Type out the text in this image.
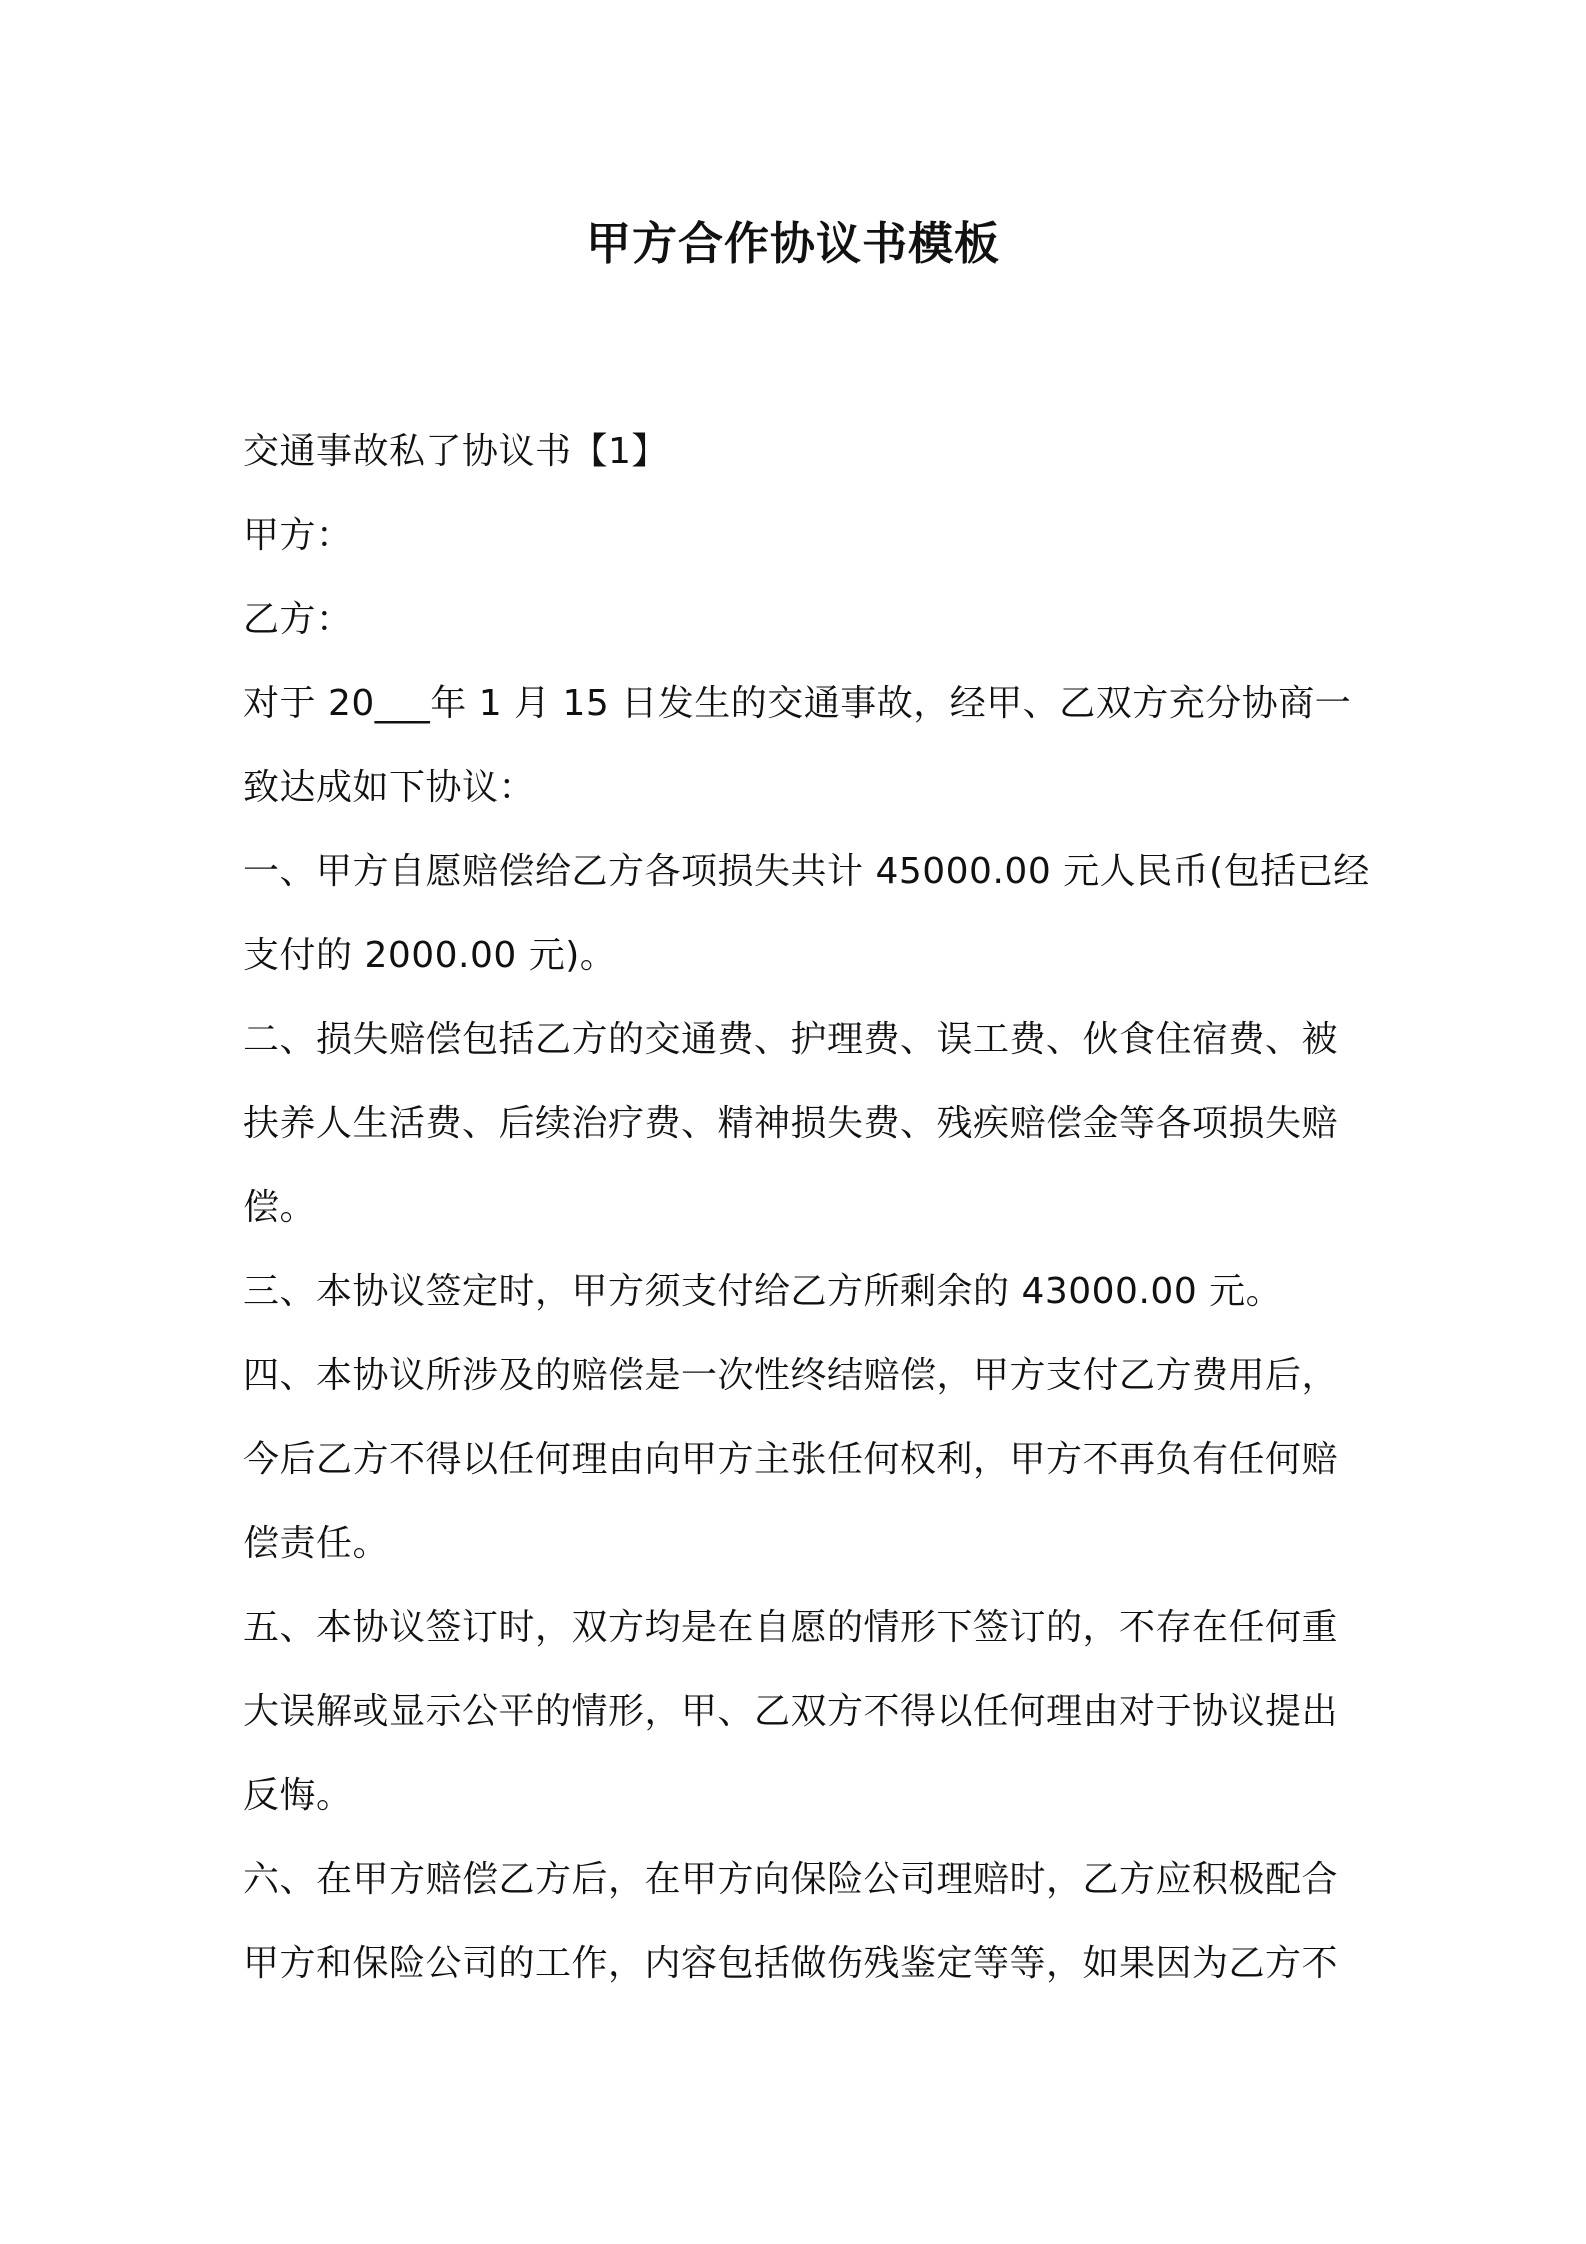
甲方合作协议书模板
交通事故私了协议书【1】
甲方：
乙方：
对于 20___年 1 月 15 日发生的交通事故，经甲、乙双方充分协商一
致达成如下协议：
一、甲方自愿赔偿给乙方各项损失共计 45000.00 元人民币(包括已经
支付的 2000.00 元)。
二、损失赔偿包括乙方的交通费、护理费、误工费、伙食住宿费、被
扶养人生活费、后续治疗费、精神损失费、残疾赔偿金等各项损失赔
偿。
三、本协议签定时，甲方须支付给乙方所剩余的 43000.00 元。
四、本协议所涉及的赔偿是一次性终结赔偿，甲方支付乙方费用后，
今后乙方不得以任何理由向甲方主张任何权利，甲方不再负有任何赔
偿责任。
五、本协议签订时，双方均是在自愿的情形下签订的，不存在任何重
大误解或显示公平的情形，甲、乙双方不得以任何理由对于协议提出
反悔。
六、在甲方赔偿乙方后，在甲方向保险公司理赔时，乙方应积极配合
甲方和保险公司的工作，内容包括做伤残鉴定等等，如果因为乙方不
